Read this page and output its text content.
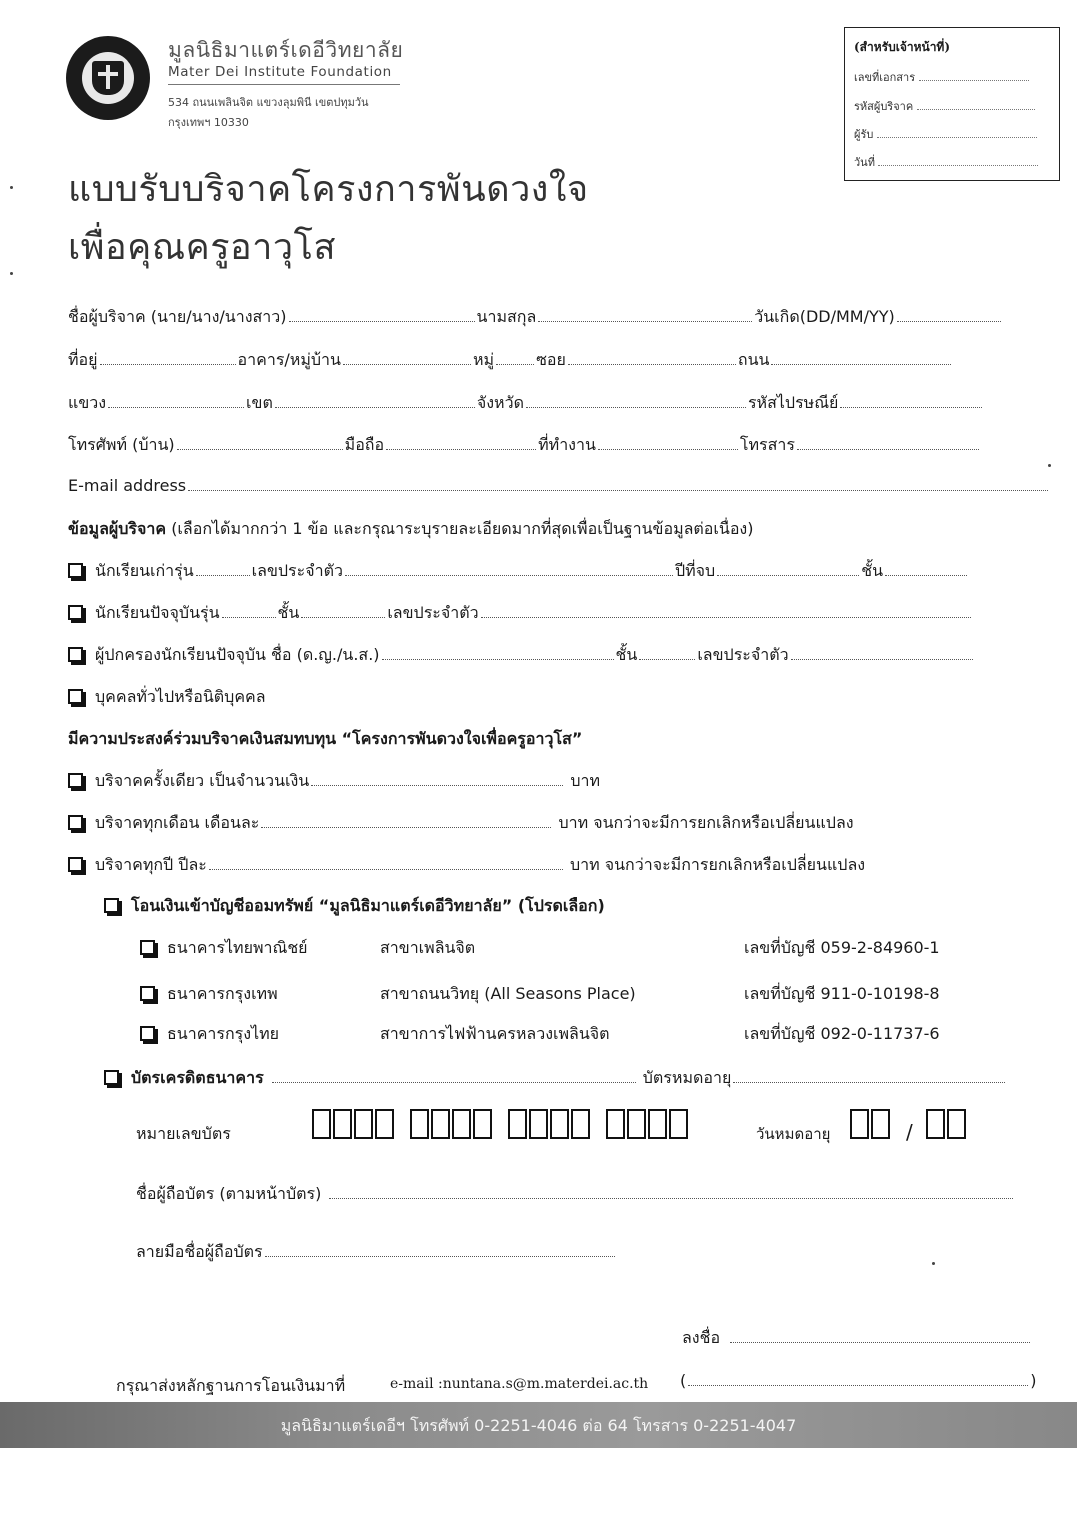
มูลนิธิมาแตร์เดอีวิทยาลัย
Mater Dei Institute Foundation
534 ถนนเพลินจิต แขวงลุมพินี เขตปทุมวัน
กรุงเทพฯ 10330
(สำหรับเจ้าหน้าที่)
เลขที่เอกสาร
รหัสผู้บริจาค
ผู้รับ
วันที่
แบบรับบริจาคโครงการพันดวงใจ
เพื่อคุณครูอาวุโส
ชื่อผู้บริจาค (นาย/นาง/นางสาว)	นามสกุล	วันเกิด(DD/MM/YY)
ที่อยู่	อาคาร/หมู่บ้าน	หมู่	ซอย	ถนน
แขวง	เขต	จังหวัด	รหัสไปรษณีย์
โทรศัพท์ (บ้าน)	มือถือ	ที่ทำงาน	โทรสาร
E-mail address
ข้อมูลผู้บริจาค (เลือกได้มากกว่า 1 ข้อ และกรุณาระบุรายละเอียดมากที่สุดเพื่อเป็นฐานข้อมูลต่อเนื่อง)
นักเรียนเก่ารุ่น	เลขประจำตัว	ปีที่จบ	ชั้น
นักเรียนปัจจุบันรุ่น	ชั้น	เลขประจำตัว
ผู้ปกครองนักเรียนปัจจุบัน ชื่อ (ด.ญ./น.ส.)	ชั้น	เลขประจำตัว
บุคคลทั่วไปหรือนิติบุคคล
มีความประสงค์ร่วมบริจาคเงินสมทบทุน “โครงการพันดวงใจเพื่อครูอาวุโส”
บริจาคครั้งเดียว เป็นจำนวนเงิน	บาท
บริจาคทุกเดือน เดือนละ	บาท จนกว่าจะมีการยกเลิกหรือเปลี่ยนแปลง
บริจาคทุกปี ปีละ	บาท จนกว่าจะมีการยกเลิกหรือเปลี่ยนแปลง
โอนเงินเข้าบัญชีออมทรัพย์ “มูลนิธิมาแตร์เดอีวิทยาลัย” (โปรดเลือก)
ธนาคารไทยพาณิชย์	สาขาเพลินจิต	เลขที่บัญชี 059-2-84960-1
ธนาคารกรุงเทพ	สาขาถนนวิทยุ (All Seasons Place)	เลขที่บัญชี 911-0-10198-8
ธนาคารกรุงไทย	สาขาการไฟฟ้านครหลวงเพลินจิต	เลขที่บัญชี 092-0-11737-6
บัตรเครดิตธนาคาร	บัตรหมดอายุ
หมายเลขบัตร	วันหมดอายุ	/
ชื่อผู้ถือบัตร (ตามหน้าบัตร)
ลายมือชื่อผู้ถือบัตร
ลงชื่อ
กรุณาส่งหลักฐานการโอนเงินมาที่	e-mail :nuntana.s@m.materdei.ac.th (	)
มูลนิธิมาแตร์เดอีฯ โทรศัพท์ 0-2251-4046 ต่อ 64 โทรสาร 0-2251-4047
